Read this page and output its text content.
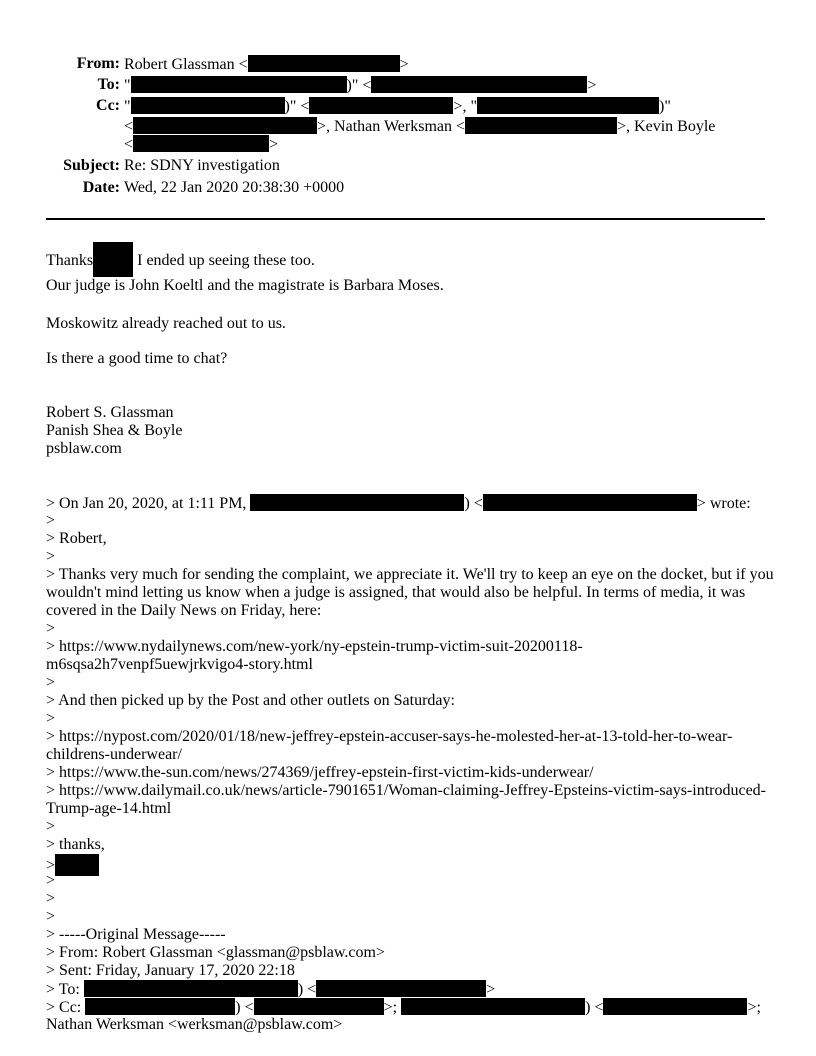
From: Robert Glassman <	>
To: "	)" <	>
Cc: "	)" <	>, "	)"
<	>, Nathan Werksman <	>, Kevin Boyle
<	>
Subject: Re: SDNY investigation
Date: Wed, 22 Jan 2020 20:38:30 +0000
Thanks	I ended up seeing these too.
Our judge is John Koeltl and the magistrate is Barbara Moses.
Moskowitz already reached out to us.
Is there a good time to chat?
Robert S. Glassman
Panish Shea & Boyle
psblaw.com
> On Jan 20, 2020, at 1:11 PM,	) <	> wrote:
>
> Robert,
>
> Thanks very much for sending the complaint, we appreciate it. We'll try to keep an eye on the docket, but if you wouldn't mind letting us know when a judge is assigned, that would also be helpful. In terms of media, it was covered in the Daily News on Friday, here:
>
> https://www.nydailynews.com/new-york/ny-epstein-trump-victim-suit-20200118-m6sqsa2h7venpf5uewjrkvigo4-story.html
>
> And then picked up by the Post and other outlets on Saturday:
>
> https://nypost.com/2020/01/18/new-jeffrey-epstein-accuser-says-he-molested-her-at-13-told-her-to-wear-childrens-underwear/
> https://www.the-sun.com/news/274369/jeffrey-epstein-first-victim-kids-underwear/
> https://www.dailymail.co.uk/news/article-7901651/Woman-claiming-Jeffrey-Epsteins-victim-says-introduced-Trump-age-14.html
>
> thanks,
>
>
>
>
> -----Original Message-----
> From: Robert Glassman <glassman@psblaw.com>
> Sent: Friday, January 17, 2020 22:18
> To:	) <	>
> Cc:	) <	>;	) <	>;
Nathan Werksman <werksman@psblaw.com>
